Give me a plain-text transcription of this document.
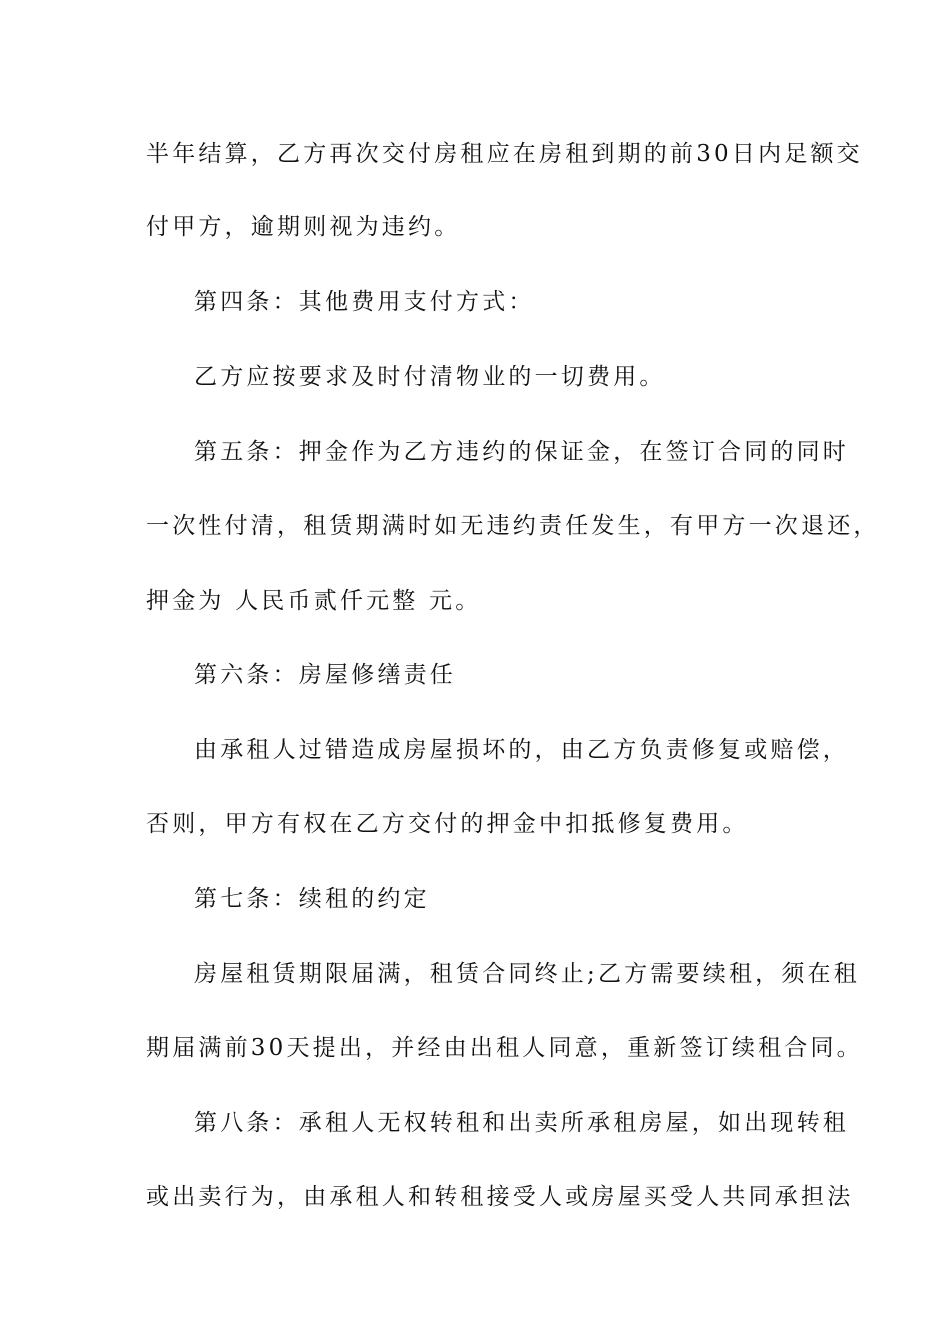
半年结算，乙方再次交付房租应在房租到期的前30日内足额交
付甲方，逾期则视为违约。
第四条：其他费用支付方式：
乙方应按要求及时付清物业的一切费用。
第五条：押金作为乙方违约的保证金，在签订合同的同时
一次性付清，租赁期满时如无违约责任发生，有甲方一次退还，
押金为 人民币贰仟元整 元。
第六条：房屋修缮责任
由承租人过错造成房屋损坏的，由乙方负责修复或赔偿，
否则，甲方有权在乙方交付的押金中扣抵修复费用。
第七条：续租的约定
房屋租赁期限届满，租赁合同终止;乙方需要续租，须在租
期届满前30天提出，并经由出租人同意，重新签订续租合同。
第八条：承租人无权转租和出卖所承租房屋，如出现转租
或出卖行为，由承租人和转租接受人或房屋买受人共同承担法
